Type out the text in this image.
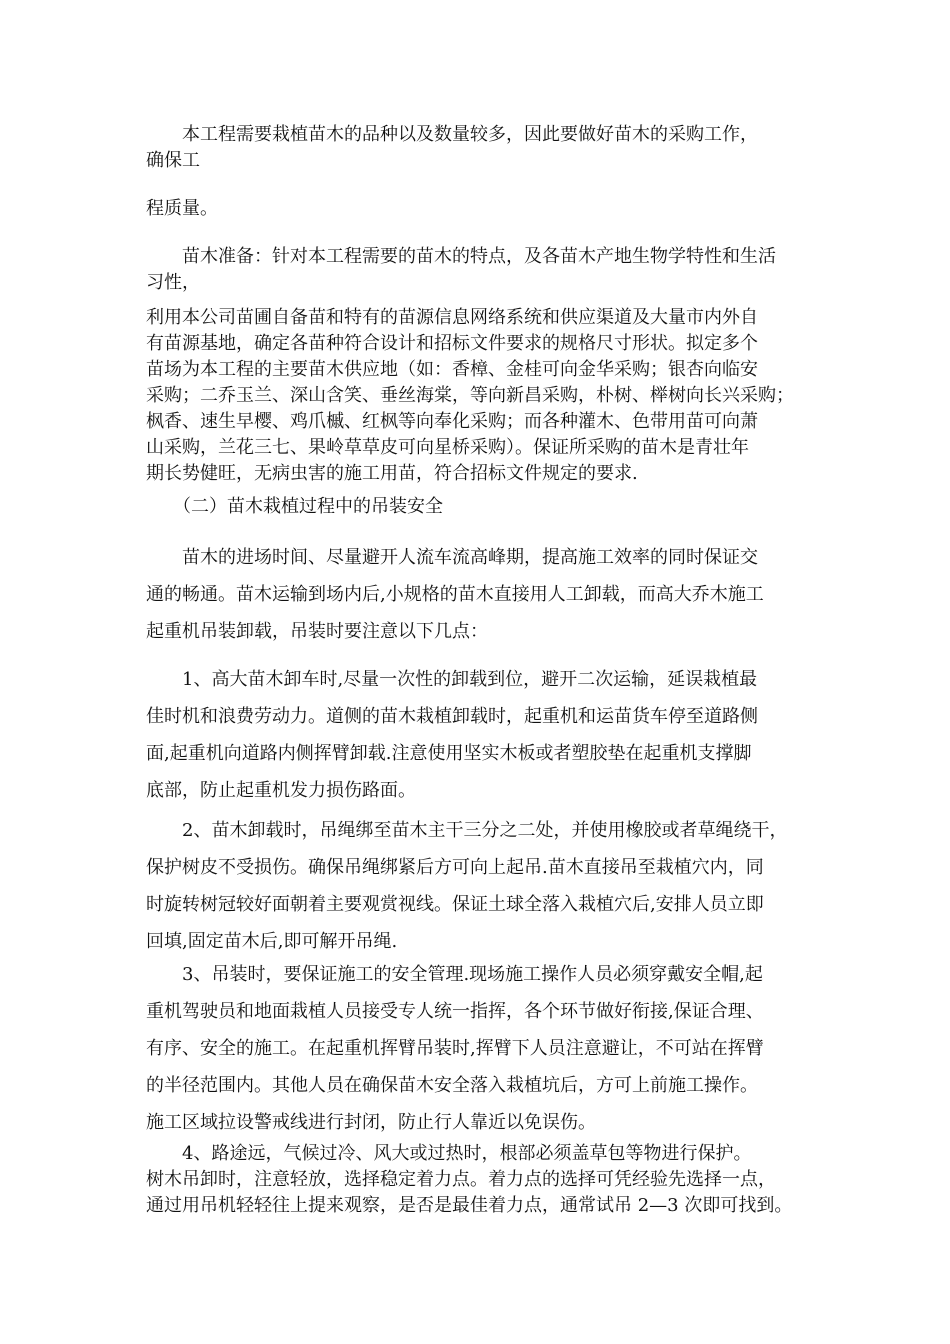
　　本工程需要栽植苗木的品种以及数量较多，因此要做好苗木的采购工作，
确保工

程质量。

　　苗木准备：针对本工程需要的苗木的特点，及各苗木产地生物学特性和生活
习性，

利用本公司苗圃自备苗和特有的苗源信息网络系统和供应渠道及大量市内外自
有苗源基地，确定各苗种符合设计和招标文件要求的规格尺寸形状。拟定多个
苗场为本工程的主要苗木供应地（如：香樟、金桂可向金华采购；银杏向临安
采购；二乔玉兰、深山含笑、垂丝海棠，等向新昌采购，朴树、榉树向长兴采购；
枫香、速生早樱、鸡爪槭、红枫等向奉化采购；而各种灌木、色带用苗可向萧
山采购，兰花三七、果岭草草皮可向星桥采购）。保证所采购的苗木是青壮年
期长势健旺，无病虫害的施工用苗，符合招标文件规定的要求.

　　（二）苗木栽植过程中的吊装安全

　　苗木的进场时间、尽量避开人流车流高峰期，提高施工效率的同时保证交
通的畅通。苗木运输到场内后,小规格的苗木直接用人工卸载，而高大乔木施工
起重机吊装卸载，吊装时要注意以下几点：

　　1、高大苗木卸车时,尽量一次性的卸载到位，避开二次运输，延误栽植最
佳时机和浪费劳动力。道侧的苗木栽植卸载时，起重机和运苗货车停至道路侧
面,起重机向道路内侧挥臂卸载.注意使用坚实木板或者塑胶垫在起重机支撑脚
底部，防止起重机发力损伤路面。

　　2、苗木卸载时，吊绳绑至苗木主干三分之二处，并使用橡胶或者草绳绕干，
保护树皮不受损伤。确保吊绳绑紧后方可向上起吊.苗木直接吊至栽植穴内，同
时旋转树冠较好面朝着主要观赏视线。保证土球全落入栽植穴后,安排人员立即
回填,固定苗木后,即可解开吊绳.

　　3、吊装时，要保证施工的安全管理.现场施工操作人员必须穿戴安全帽,起
重机驾驶员和地面栽植人员接受专人统一指挥，各个环节做好衔接,保证合理、
有序、安全的施工。在起重机挥臂吊装时,挥臂下人员注意避让，不可站在挥臂
的半径范围内。其他人员在确保苗木安全落入栽植坑后，方可上前施工操作。
施工区域拉设警戒线进行封闭，防止行人靠近以免误伤。

　　4、路途远，气候过冷、风大或过热时，根部必须盖草包等物进行保护。
树木吊卸时，注意轻放，选择稳定着力点。着力点的选择可凭经验先选择一点，
通过用吊机轻轻往上提来观察，是否是最佳着力点，通常试吊 2—3 次即可找到。
